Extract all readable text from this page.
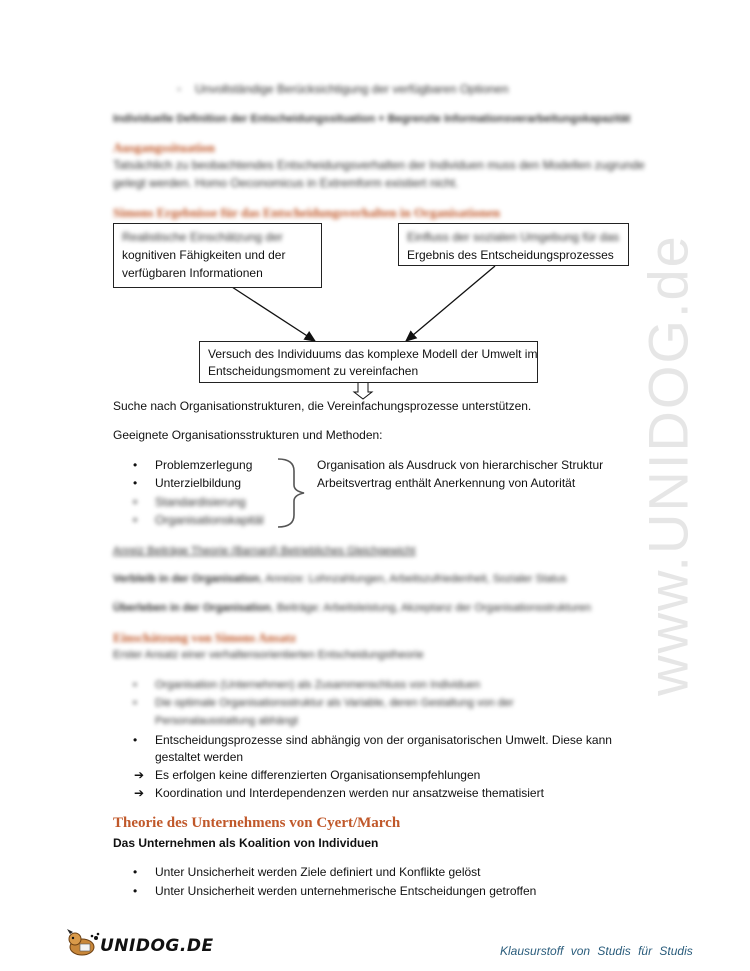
www.UNIDOG.de
◦ Unvollständige Berücksichtigung der verfügbaren Optionen
Individuelle Definition der Entscheidungssituation + Begrenzte Informationsverarbeitungskapazität
Ausgangssituation
Tatsächlich zu beobachtendes Entscheidungsverhalten der Individuen muss den Modellen zugrunde
gelegt werden. Homo Oeconomicus in Extremform existiert nicht.
Simons Ergebnisse für das Entscheidungsverhalten in Organisationen
Realistische Einschätzung der
kognitiven Fähigkeiten und der
verfügbaren Informationen
Einfluss der sozialen Umgebung für das
Ergebnis des Entscheidungsprozesses
Versuch des Individuums das komplexe Modell der Umwelt im
Entscheidungsmoment zu vereinfachen
Suche nach Organisationstrukturen, die Vereinfachungsprozesse unterstützen.
Geeignete Organisationsstrukturen und Methoden:
• Problemzerlegung
• Unterzielbildung
• Standardisierung
• Organisationskapitäl
Organisation als Ausdruck von hierarchischer Struktur
Arbeitsvertrag enthält Anerkennung von Autorität
Anreiz Beiträge Theorie (Barnard) Betriebliches Gleichgewicht
Verbleib in der Organisation, Anreize: Lohnzahlungen, Arbeitszufriedenheit, Sozialer Status
Überleben in der Organisation, Beiträge: Arbeitsleistung, Akzeptanz der Organisationsstrukturen
Einschätzung von Simons Ansatz
Erster Ansatz einer verhaltensorientierten Entscheidungstheorie
• Organisation (Unternehmen) als Zusammenschluss von Individuen
• Die optimale Organisationsstruktur als Variable, deren Gestaltung von der
Personalausstattung abhängt
• Entscheidungsprozesse sind abhängig von der organisatorischen Umwelt. Diese kann
gestaltet werden
➔ Es erfolgen keine differenzierten Organisationsempfehlungen
➔ Koordination und Interdependenzen werden nur ansatzweise thematisiert
Theorie des Unternehmens von Cyert/March
Das Unternehmen als Koalition von Individuen
• Unter Unsicherheit werden Ziele definiert und Konflikte gelöst
• Unter Unsicherheit werden unternehmerische Entscheidungen getroffen
UNIDOG.DE	Klausurstoff von Studis für Studis
